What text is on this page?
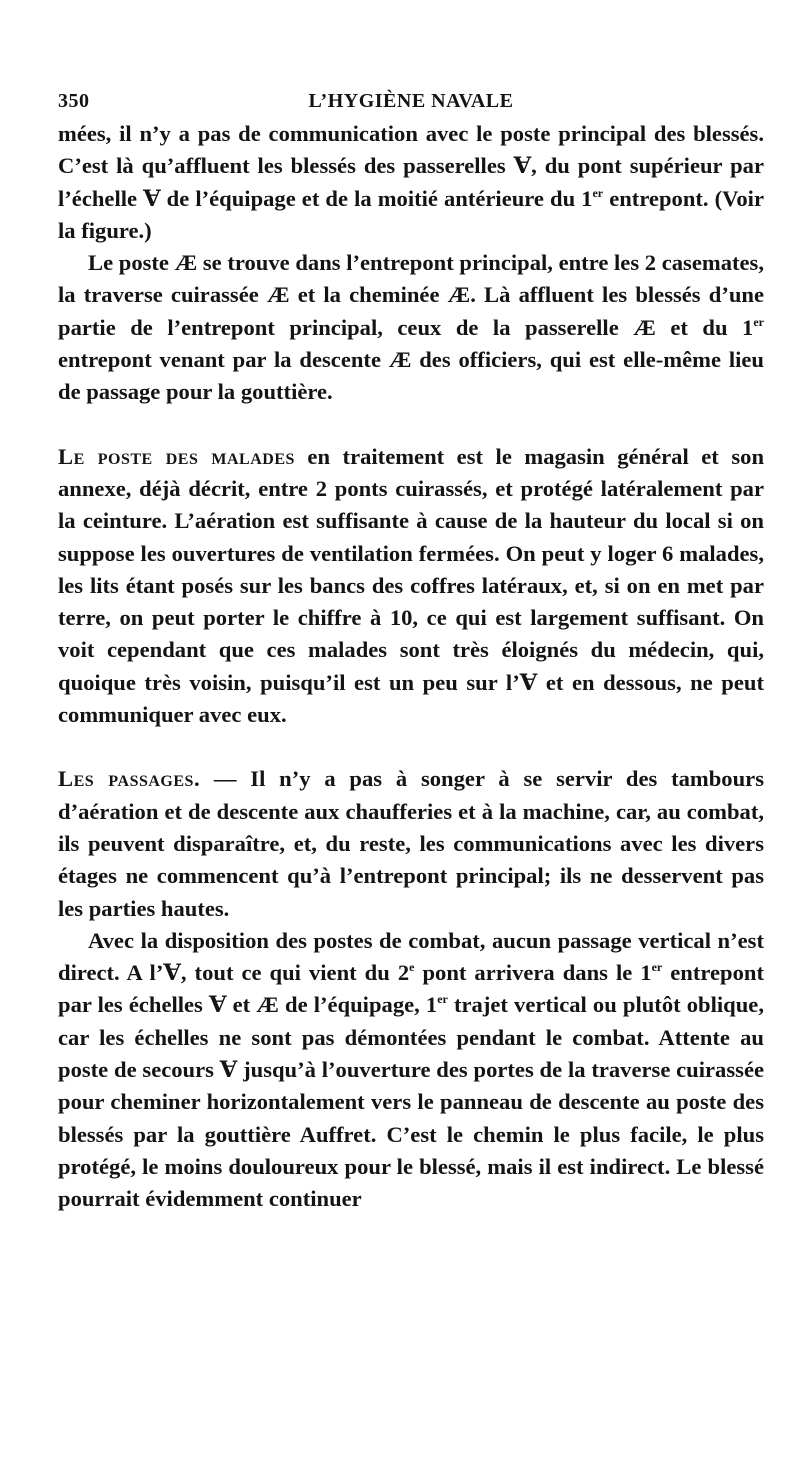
350	L’HYGIÈNE NAVALE

mées, il n’y a pas de communication avec le poste principal des blessés. C’est là qu’affluent les blessés des passerelles Ɐ, du pont supérieur par l’échelle Ɐ de l’équipage et de la moitié antérieure du 1er entrepont. (Voir la figure.)

Le poste Æ se trouve dans l’entrepont principal, entre les 2 casemates, la traverse cuirassée Æ et la cheminée Æ. Là affluent les blessés d’une partie de l’entrepont principal, ceux de la passerelle Æ et du 1er entrepont venant par la descente Æ des officiers, qui est elle-même lieu de passage pour la gouttière.

Le poste des malades en traitement est le magasin général et son annexe, déjà décrit, entre 2 ponts cuirassés, et protégé latéralement par la ceinture. L’aération est suffisante à cause de la hauteur du local si on suppose les ouvertures de ventilation fermées. On peut y loger 6 malades, les lits étant posés sur les bancs des coffres latéraux, et, si on en met par terre, on peut porter le chiffre à 10, ce qui est largement suffisant. On voit cependant que ces malades sont très éloignés du médecin, qui, quoique très voisin, puisqu’il est un peu sur l’Ɐ et en dessous, ne peut communiquer avec eux.

Les passages. — Il n’y a pas à songer à se servir des tambours d’aération et de descente aux chaufferies et à la machine, car, au combat, ils peuvent disparaître, et, du reste, les communications avec les divers étages ne commencent qu’à l’entrepont principal; ils ne desservent pas les parties hautes.

Avec la disposition des postes de combat, aucun passage vertical n’est direct. A l’Ɐ, tout ce qui vient du 2e pont arrivera dans le 1er entrepont par les échelles Ɐ et Æ de l’équipage, 1er trajet vertical ou plutôt oblique, car les échelles ne sont pas démontées pendant le combat. Attente au poste de secours Ɐ jusqu’à l’ouverture des portes de la traverse cuirassée pour cheminer horizontalement vers le panneau de descente au poste des blessés par la gouttière Auffret. C’est le chemin le plus facile, le plus protégé, le moins douloureux pour le blessé, mais il est indirect. Le blessé pourrait évidemment continuer
